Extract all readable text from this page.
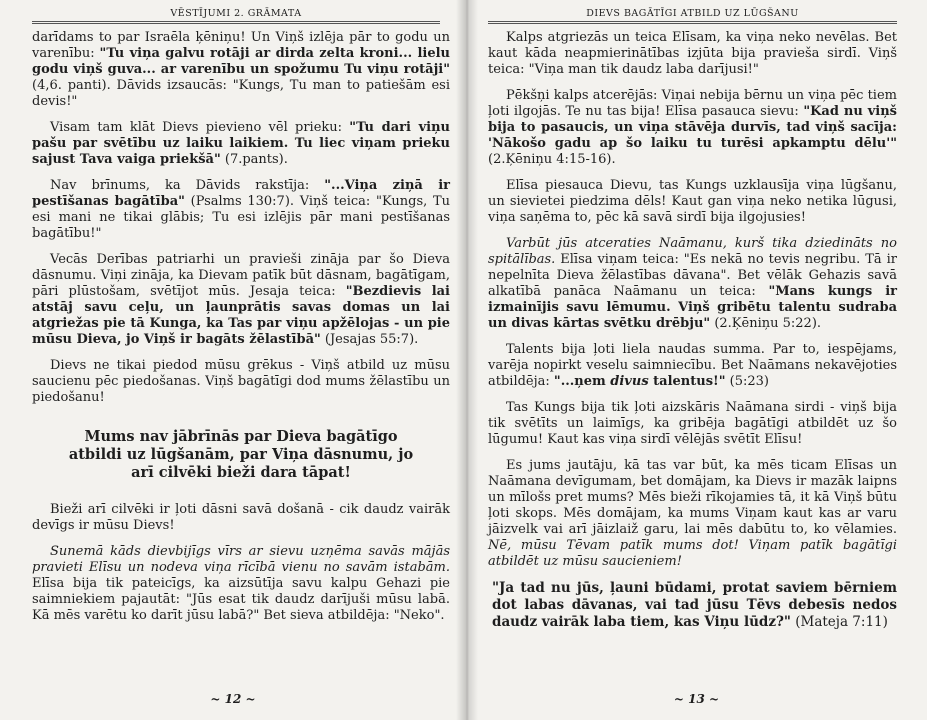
VĒSTĪJUMI 2. GRĀMATA

darīdams to par Israēla ķēniņu! Un Viņš izlēja pār to godu un varenību: "Tu viņa galvu rotāji ar dirda zelta kroni... lielu godu viņš guva... ar varenību un spožumu Tu viņu rotāji" (4,6. panti). Dāvids izsaucās: "Kungs, Tu man to patiešām esi devis!"

Visam tam klāt Dievs pievieno vēl prieku: "Tu dari viņu pašu par svētību uz laiku laikiem. Tu liec viņam prieku sajust Tava vaiga priekšā" (7.pants).

Nav brīnums, ka Dāvids rakstīja: "...Viņa ziņā ir pestīšanas bagātība" (Psalms 130:7). Viņš teica: "Kungs, Tu esi mani ne tikai glābis; Tu esi izlējis pār mani pestīšanas bagātību!"

Vecās Derības patriarhi un pravieši zināja par šo Dieva dāsnumu. Viņi zināja, ka Dievam patīk būt dāsnam, bagātīgam, pāri plūstošam, svētījot mūs. Jesaja teica: "Bezdievis lai atstāj savu ceļu, un ļaunprātis savas domas un lai atgriežas pie tā Kunga, ka Tas par viņu apžēlojas - un pie mūsu Dieva, jo Viņš ir bagāts žēlastībā" (Jesajas 55:7).

Dievs ne tikai piedod mūsu grēkus - Viņš atbild uz mūsu saucienu pēc piedošanas. Viņš bagātīgi dod mums žēlastību un piedošanu!

Mums nav jābrīnās par Dieva bagātīgo atbildi uz lūgšanām, par Viņa dāsnumu, jo arī cilvēki bieži dara tāpat!

Bieži arī cilvēki ir ļoti dāsni savā došanā - cik daudz vairāk devīgs ir mūsu Dievs!

Sunemā kāds dievbijīgs vīrs ar sievu uzņēma savās mājās pravieti Elīsu un nodeva viņa rīcībā vienu no savām istabām. Elīsa bija tik pateicīgs, ka aizsūtīja savu kalpu Gehazi pie saimniekiem pajautāt: "Jūs esat tik daudz darījuši mūsu labā. Kā mēs varētu ko darīt jūsu labā?" Bet sieva atbildēja: "Neko".

~ 12 ~
DIEVS BAGĀTĪGI ATBILD UZ LŪGŠANU

Kalps atgriezās un teica Elīsam, ka viņa neko nevēlas. Bet kaut kāda neapmierinātības izjūta bija pravieša sirdī. Viņš teica: "Viņa man tik daudz laba darījusi!"

Pēkšņi kalps atcerējās: Viņai nebija bērnu un viņa pēc tiem ļoti ilgojās. Te nu tas bija! Elīsa pasauca sievu: "Kad nu viņš bija to pasaucis, un viņa stāvēja durvīs, tad viņš sacīja: 'Nākošo gadu ap šo laiku tu turēsi apkamptu dēlu'" (2.Ķēniņu 4:15-16).

Elīsa piesauca Dievu, tas Kungs uzklausīja viņa lūgšanu, un sievietei piedzima dēls! Kaut gan viņa neko netika lūgusi, viņa saņēma to, pēc kā savā sirdī bija ilgojusies!

Varbūt jūs atceraties Naāmanu, kurš tika dziedināts no spitālības. Elīsa viņam teica: "Es nekā no tevis negribu. Tā ir nepelnīta Dieva žēlastības dāvana". Bet vēlāk Gehazis savā alkatībā panāca Naāmanu un teica: "Mans kungs ir izmainījis savu lēmumu. Viņš gribētu talentu sudraba un divas kārtas svētku drēbju" (2.Ķēniņu 5:22).

Talents bija ļoti liela naudas summa. Par to, iespējams, varēja nopirkt veselu saimniecību. Bet Naāmans nekavējoties atbildēja: "...ņem divus talentus!" (5:23)

Tas Kungs bija tik ļoti aizskāris Naāmana sirdi - viņš bija tik svētīts un laimīgs, ka gribēja bagātīgi atbildēt uz šo lūgumu! Kaut kas viņa sirdī vēlējās svētīt Elīsu!

Es jums jautāju, kā tas var būt, ka mēs ticam Elīsas un Naāmana devīgumam, bet domājam, ka Dievs ir mazāk laipns un mīlošs pret mums? Mēs bieži rīkojamies tā, it kā Viņš būtu ļoti skops. Mēs domājam, ka mums Viņam kaut kas ar varu jāizvelk vai arī jāizlaiž garu, lai mēs dabūtu to, ko vēlamies. Nē, mūsu Tēvam patīk mums dot! Viņam patīk bagātīgi atbildēt uz mūsu saucieniem!

"Ja tad nu jūs, ļauni būdami, protat saviem bērniem dot labas dāvanas, vai tad jūsu Tēvs debesīs nedos daudz vairāk laba tiem, kas Viņu lūdz?" (Mateja 7:11)

~ 13 ~
